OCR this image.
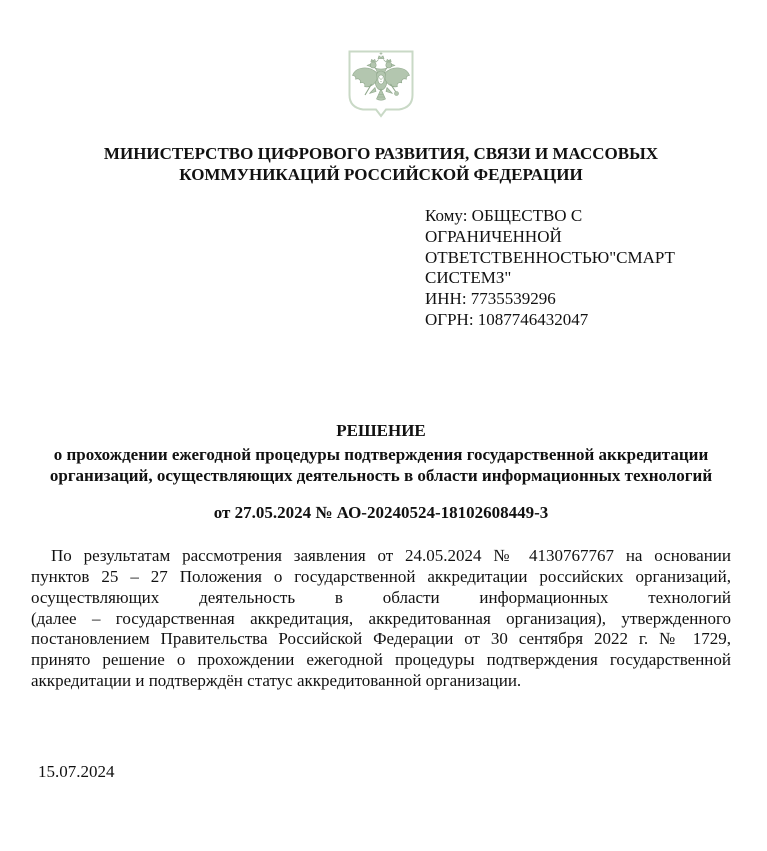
МИНИСТЕРСТВО ЦИФРОВОГО РАЗВИТИЯ, СВЯЗИ И МАССОВЫХ
КОММУНИКАЦИЙ РОССИЙСКОЙ ФЕДЕРАЦИИ
Кому: ОБЩЕСТВО С
ОГРАНИЧЕННОЙ
ОТВЕТСТВЕННОСТЬЮ"СМАРТ
СИСТЕМЗ"
ИНН: 7735539296
ОГРН: 1087746432047
РЕШЕНИЕ
о прохождении ежегодной процедуры подтверждения государственной аккредитации
организаций, осуществляющих деятельность в области информационных технологий
от 27.05.2024 № АО-20240524-18102608449-3
По результатам рассмотрения заявления от 24.05.2024 № 4130767767 на основании
пунктов 25 – 27 Положения о государственной аккредитации российских организаций,
осуществляющих деятельность в области информационных технологий
(далее – государственная аккредитация, аккредитованная организация), утвержденного
постановлением Правительства Российской Федерации от 30 сентября 2022 г. № 1729,
принято решение о прохождении ежегодной процедуры подтверждения государственной
аккредитации и подтверждён статус аккредитованной организации.
15.07.2024
